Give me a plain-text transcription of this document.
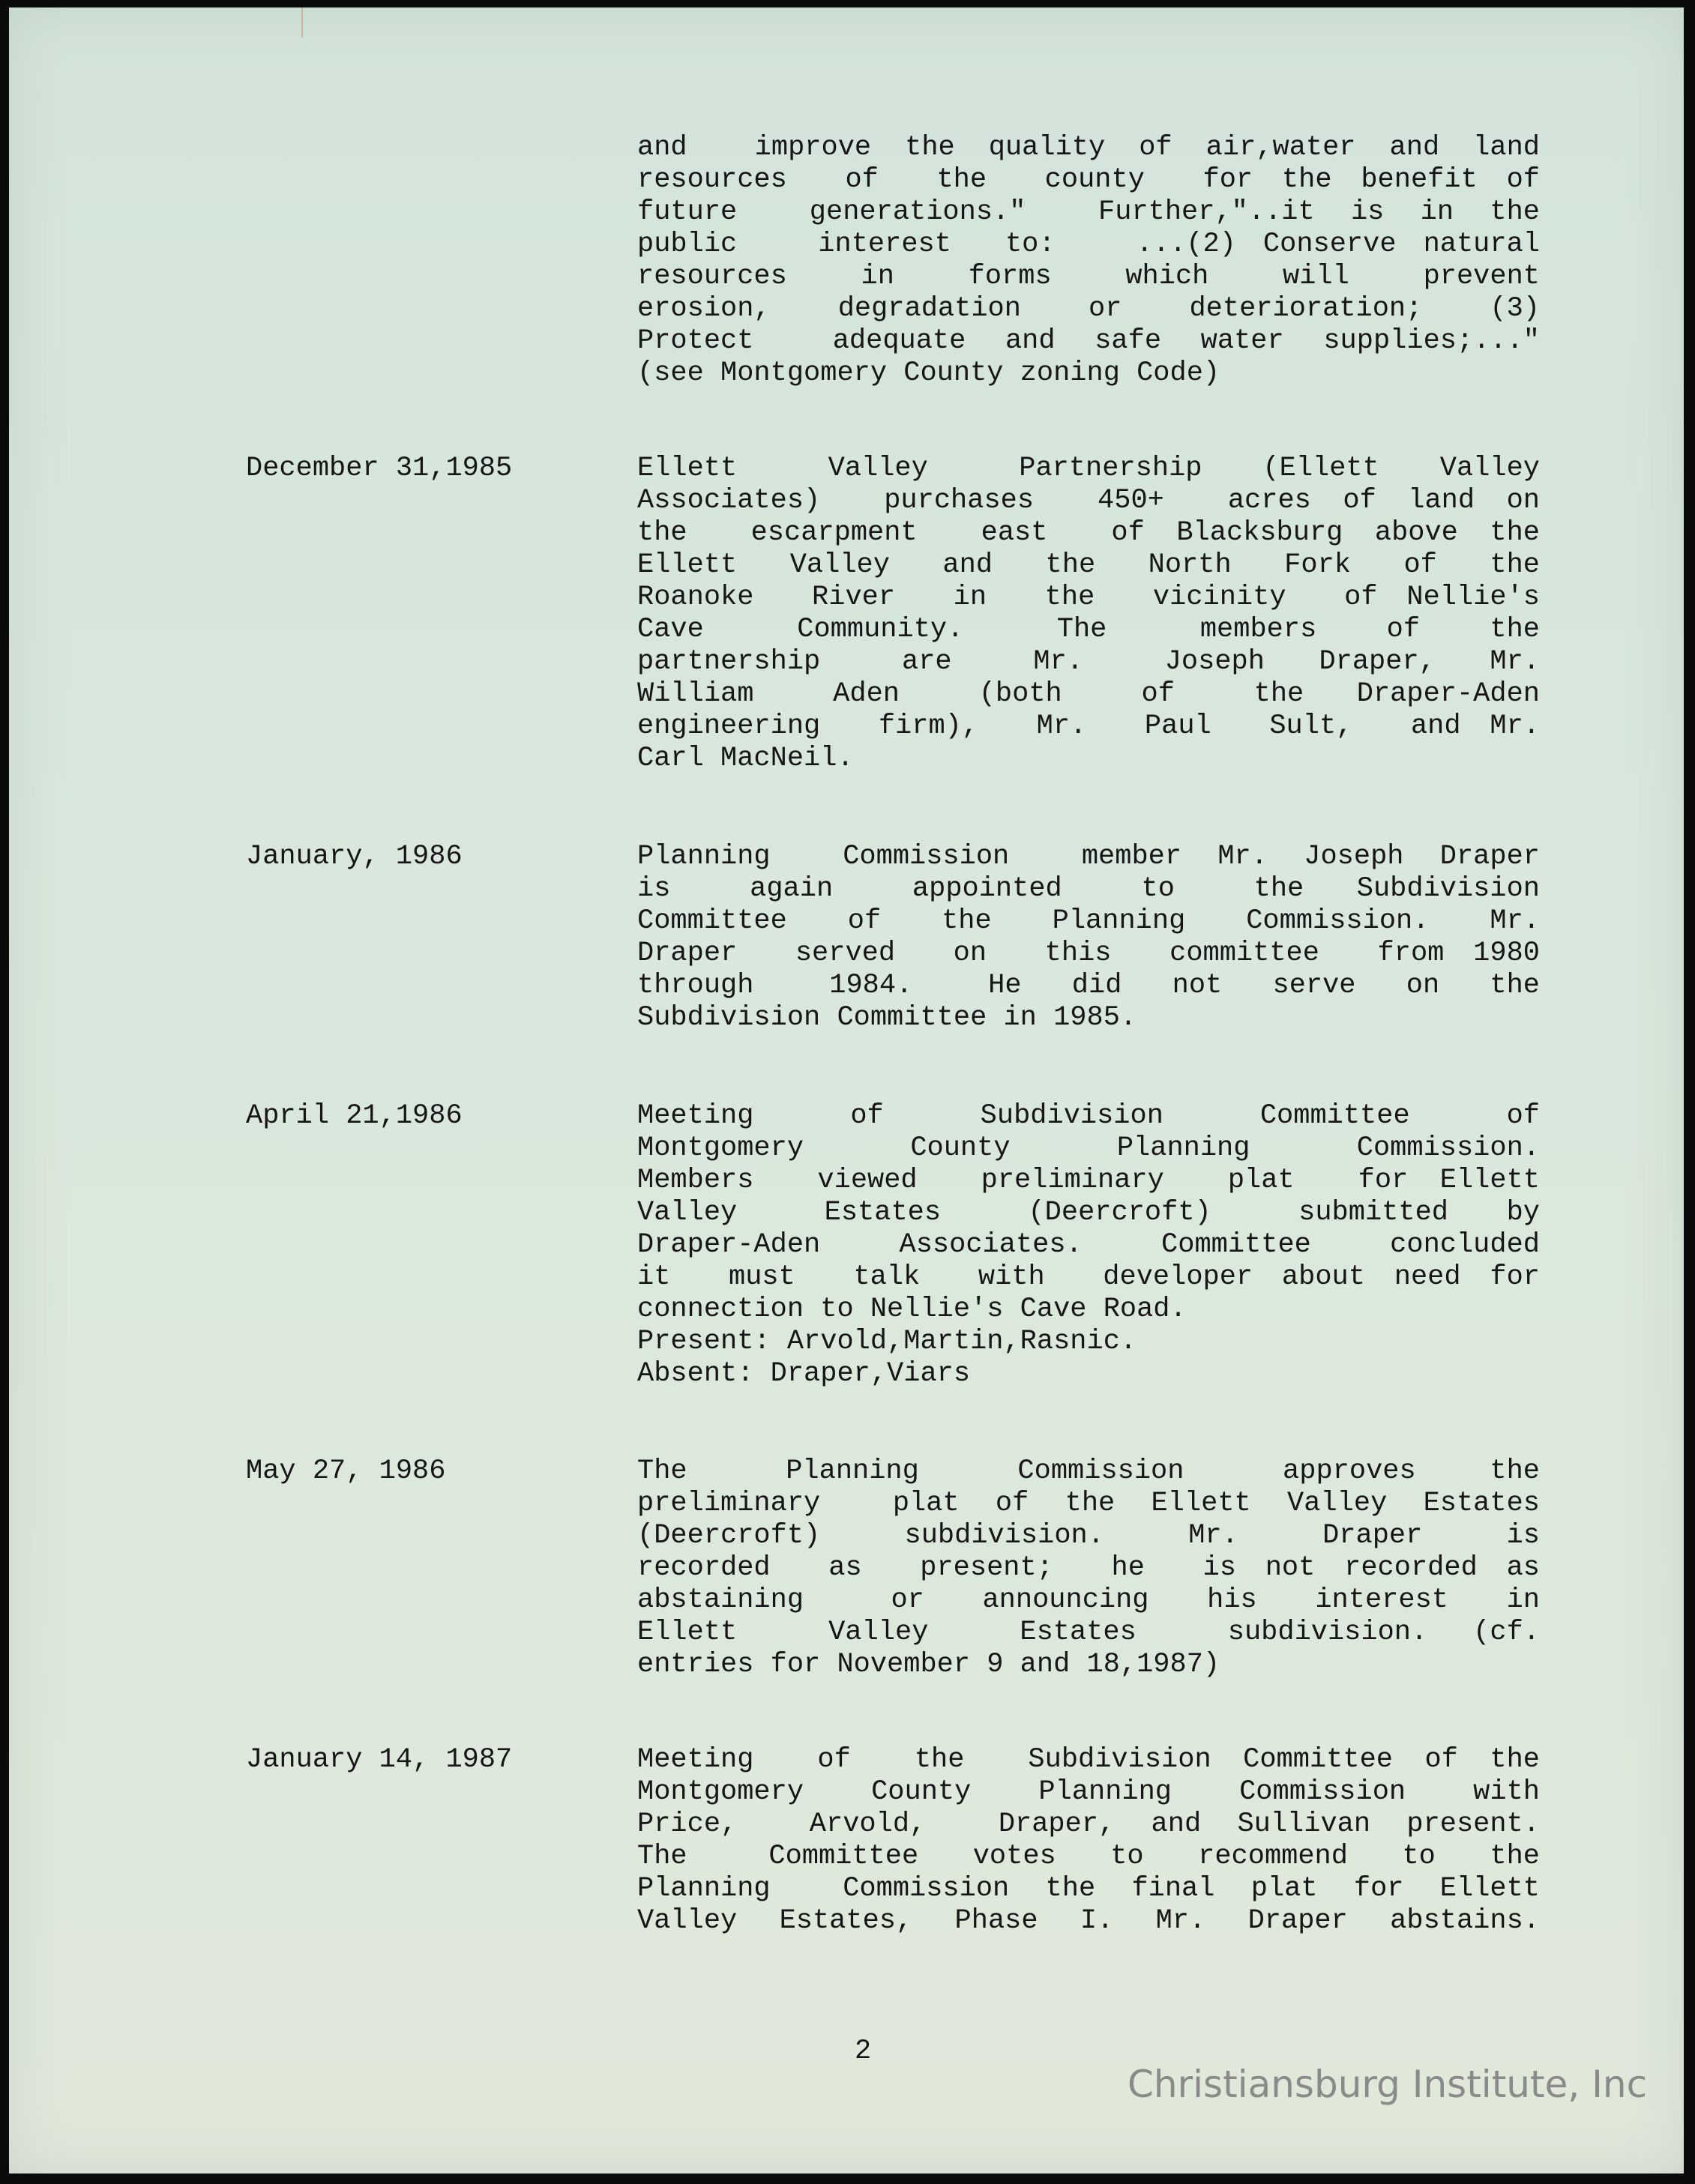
and  improve the quality of air,water and land
resources  of  the  county  for the benefit of
future  generations."  Further,"..it is in the
public   interest  to:   ...(2) Conserve natural
resources   in   forms   which   will   prevent
erosion,  degradation  or  deterioration;  (3)
Protect  adequate and safe water supplies;..."
(see Montgomery County zoning Code)
December 31,1985	Ellett   Valley   Partnership  (Ellett  Valley
Associates)  purchases  450+  acres of land on
the  escarpment  east  of Blacksburg above the
Ellett  Valley  and  the  North  Fork  of  the
Roanoke  River  in  the  vicinity  of Nellie's
Cave    Community.    The    members   of   the
partnership   are   Mr.   Joseph  Draper,  Mr.
William   Aden   (both   of   the  Draper-Aden
engineering  firm),  Mr.  Paul  Sult,  and Mr.
Carl MacNeil.
January, 1986	Planning  Commission  member Mr. Joseph Draper
is   again   appointed   to   the  Subdivision
Committee  of  the  Planning  Commission.  Mr.
Draper  served  on  this  committee  from 1980
through   1984.   He  did  not  serve  on  the
Subdivision Committee in 1985.
April 21,1986	Meeting    of    Subdivision    Committee    of
Montgomery    County    Planning    Commission.
Members  viewed  preliminary  plat  for Ellett
Valley   Estates   (Deercroft)   submitted  by
Draper-Aden  Associates.  Committee  concluded
it  must  talk  with  developer about need for
connection to Nellie's Cave Road.
Present: Arvold,Martin,Rasnic.
Absent: Draper,Viars
May 27, 1986	The    Planning    Commission    approves   the
preliminary  plat of the Ellett Valley Estates
(Deercroft)   subdivision.   Mr.   Draper   is
recorded  as  present;  he  is not recorded as
abstaining   or  announcing  his  interest  in
Ellett    Valley    Estates    subdivision.  (cf.
entries for November 9 and 18,1987)
January 14, 1987	Meeting  of  the  Subdivision Committee of the
Montgomery  County  Planning  Commission  with
Price,  Arvold,  Draper, and Sullivan present.
The   Committee  votes  to  recommend  to  the
Planning  Commission the final plat for Ellett
Valley Estates, Phase I. Mr. Draper abstains.
2
Christiansburg Institute, Inc
